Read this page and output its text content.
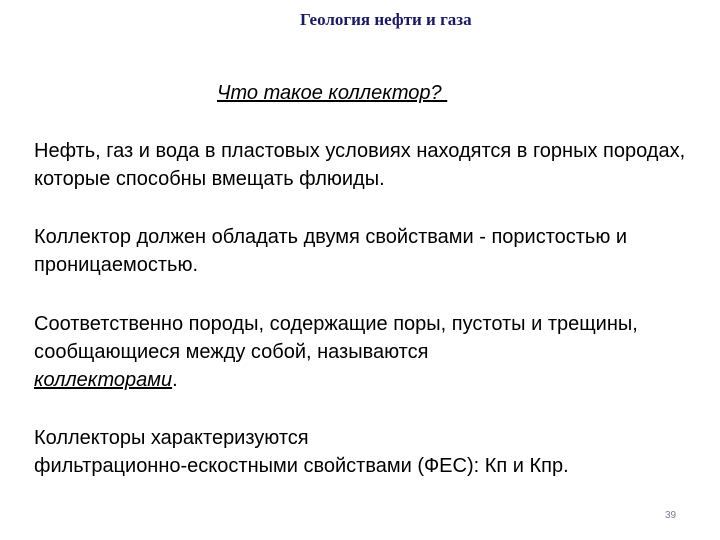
Геология нефти и газа
Что такое коллектор?
Нефть, газ и вода в пластовых условиях находятся в горных породах, которые способны вмещать флюиды.
Коллектор должен обладать двумя свойствами - пористостью и проницаемостью.
Соответственно породы, содержащие поры, пустоты и трещины, сообщающиеся между собой, называются
коллекторами.
Коллекторы характеризуются
фильтрационно-ескостными свойствами (ФЕС): Кп и Кпр.
39
